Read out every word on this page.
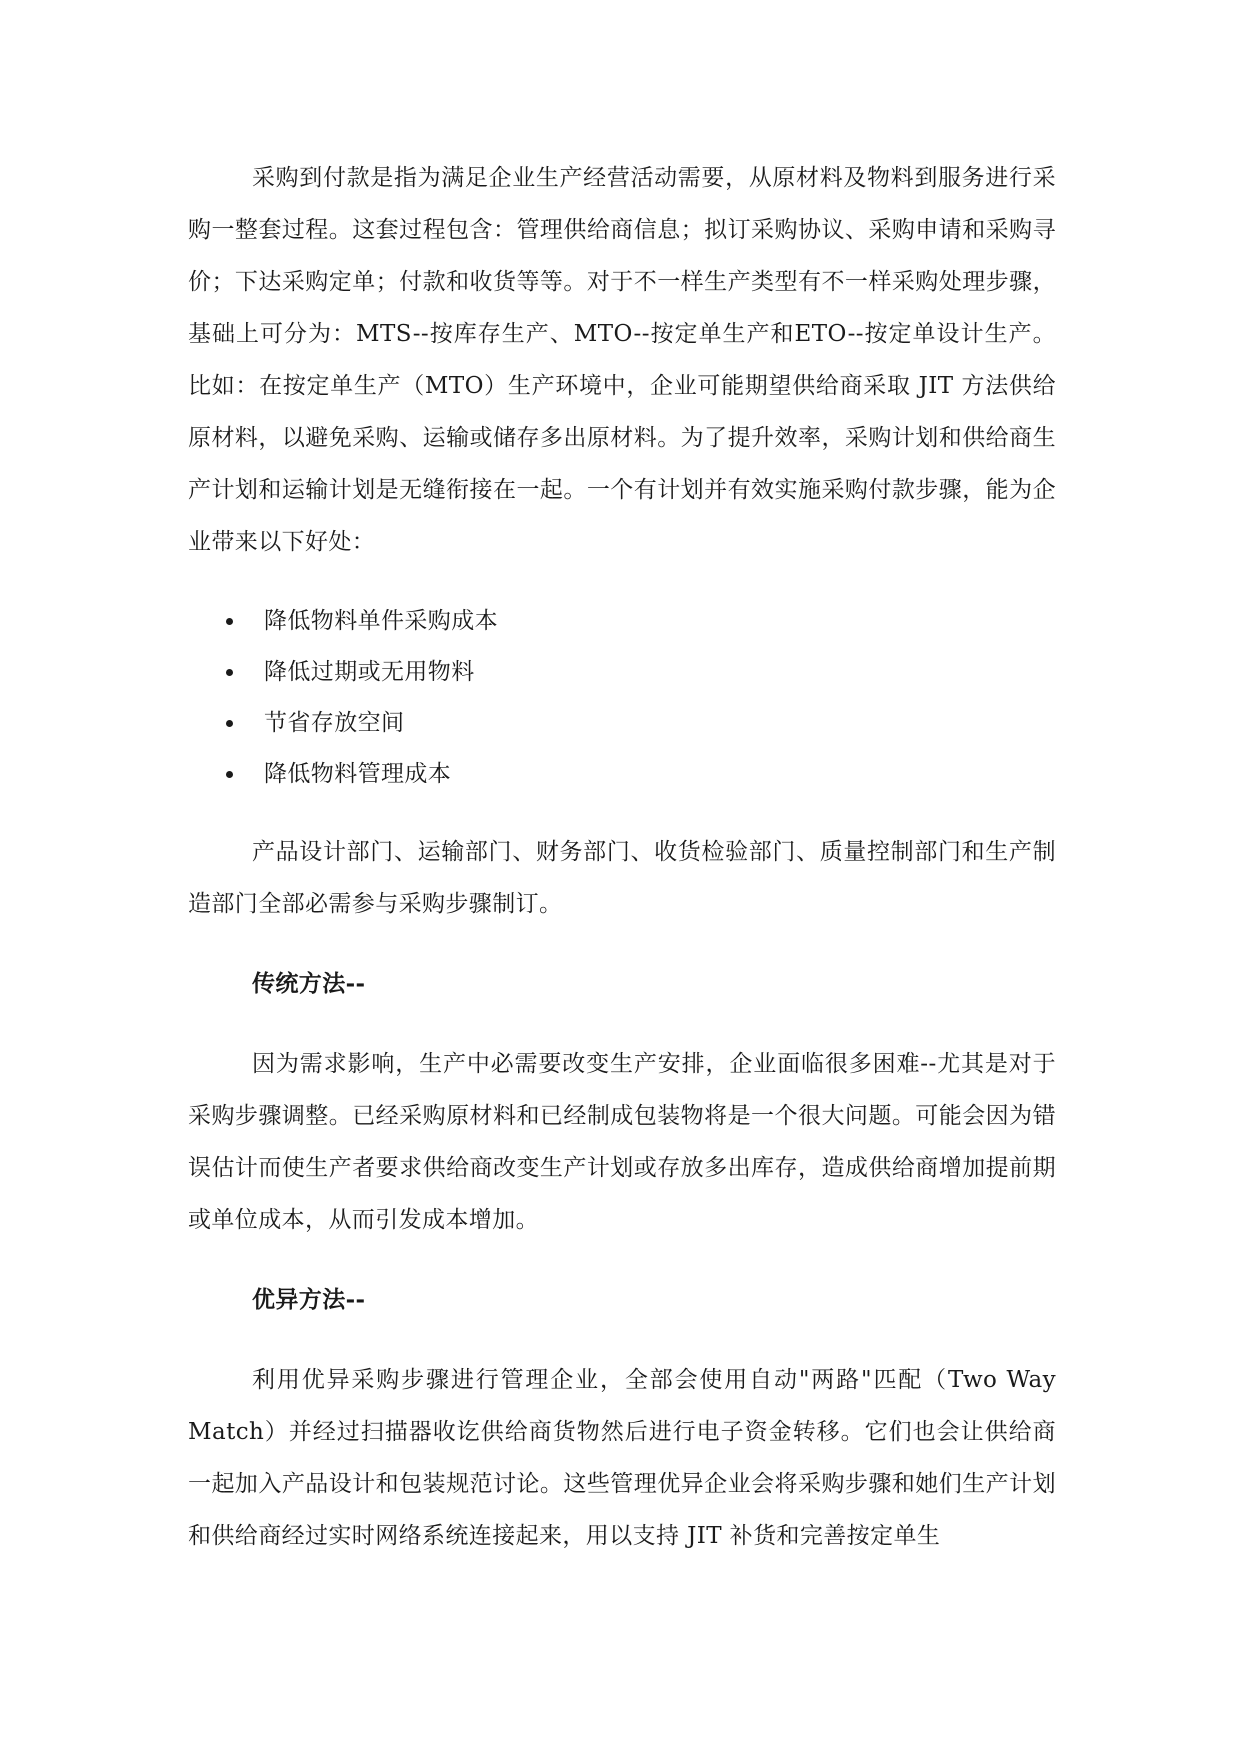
采购到付款是指为满足企业生产经营活动需要，从原材料及物料到服务进行采购一整套过程。这套过程包含：管理供给商信息；拟订采购协议、采购申请和采购寻价；下达采购定单；付款和收货等等。对于不一样生产类型有不一样采购处理步骤，基础上可分为：MTS--按库存生产、MTO--按定单生产和ETO--按定单设计生产。比如：在按定单生产（MTO）生产环境中，企业可能期望供给商采取 JIT 方法供给原材料，以避免采购、运输或储存多出原材料。为了提升效率，采购计划和供给商生产计划和运输计划是无缝衔接在一起。一个有计划并有效实施采购付款步骤，能为企业带来以下好处：

降低物料单件采购成本
降低过期或无用物料
节省存放空间
降低物料管理成本

产品设计部门、运输部门、财务部门、收货检验部门、质量控制部门和生产制造部门全部必需参与采购步骤制订。

传统方法--

因为需求影响，生产中必需要改变生产安排，企业面临很多困难--尤其是对于采购步骤调整。已经采购原材料和已经制成包装物将是一个很大问题。可能会因为错误估计而使生产者要求供给商改变生产计划或存放多出库存，造成供给商增加提前期或单位成本，从而引发成本增加。

优异方法--

利用优异采购步骤进行管理企业，全部会使用自动"两路"匹配（Two Way Match）并经过扫描器收讫供给商货物然后进行电子资金转移。它们也会让供给商一起加入产品设计和包装规范讨论。这些管理优异企业会将采购步骤和她们生产计划和供给商经过实时网络系统连接起来，用以支持 JIT 补货和完善按定单生
